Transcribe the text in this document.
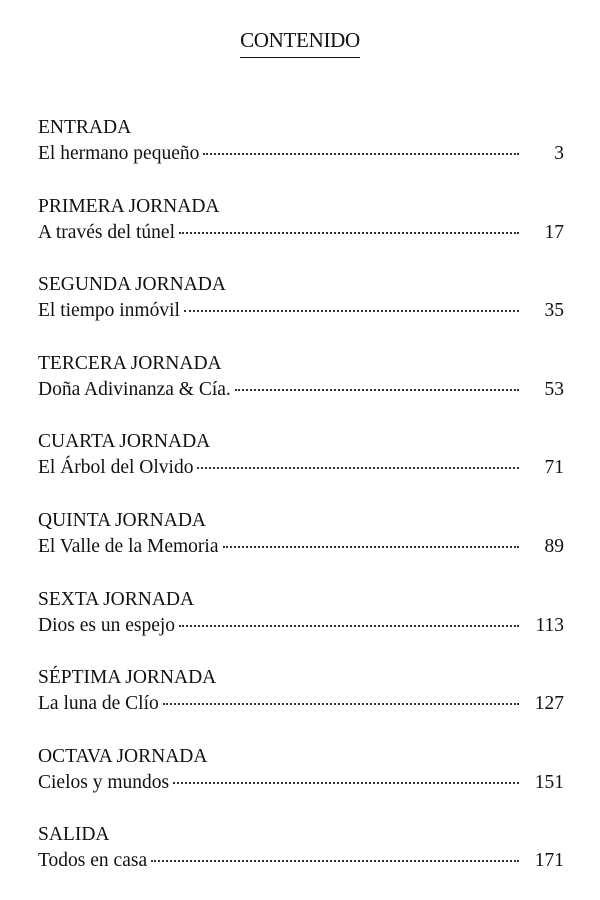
CONTENIDO
ENTRADA
El hermano pequeño	3
PRIMERA JORNADA
A través del túnel	17
SEGUNDA JORNADA
El tiempo inmóvil	35
TERCERA JORNADA
Doña Adivinanza & Cía.	53
CUARTA JORNADA
El Árbol del Olvido	71
QUINTA JORNADA
El Valle de la Memoria	89
SEXTA JORNADA
Dios es un espejo	113
SÉPTIMA JORNADA
La luna de Clío	127
OCTAVA JORNADA
Cielos y mundos	151
SALIDA
Todos en casa	171
